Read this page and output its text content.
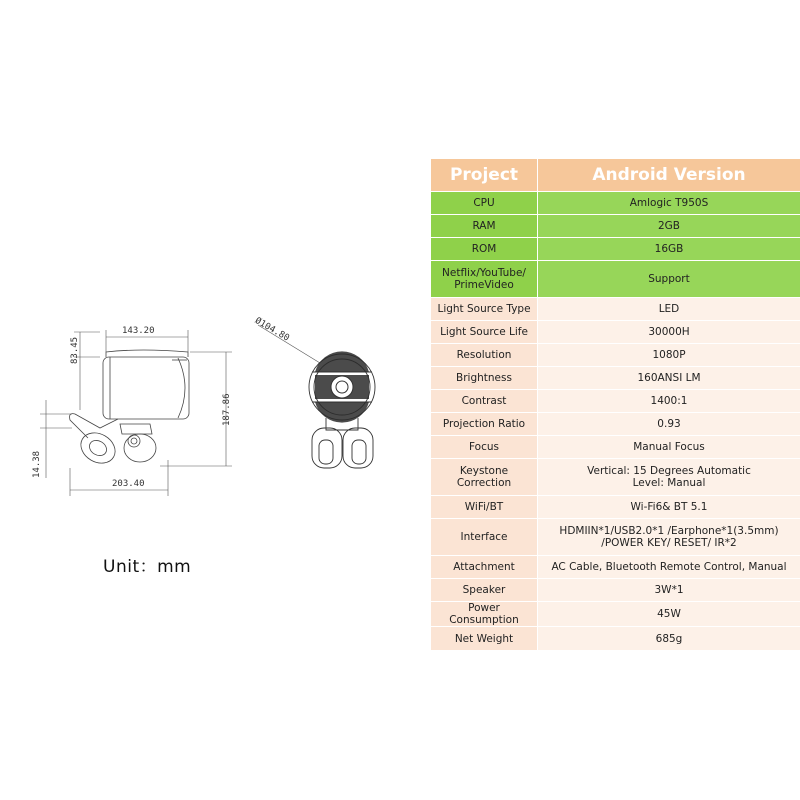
143.20
83.45
187.86
14.38
203.40
Ø104.80
Unit：mm
Project	Android Version
CPU	Amlogic T950S
RAM	2GB
ROM	16GB
Netflix/YouTube/
PrimeVideo	Support
Light Source Type	LED
Light Source Life	30000H
Resolution	1080P
Brightness	160ANSI LM
Contrast	1400:1
Projection Ratio	0.93
Focus	Manual Focus
Keystone
Correction	Vertical: 15 Degrees Automatic
Level: Manual
WiFi/BT	Wi-Fi6& BT 5.1
Interface	HDMIIN*1/USB2.0*1 /Earphone*1(3.5mm)
/POWER KEY/ RESET/ IR*2
Attachment	AC Cable, Bluetooth Remote Control, Manual
Speaker	3W*1
Power
Consumption	45W
Net Weight	685g
